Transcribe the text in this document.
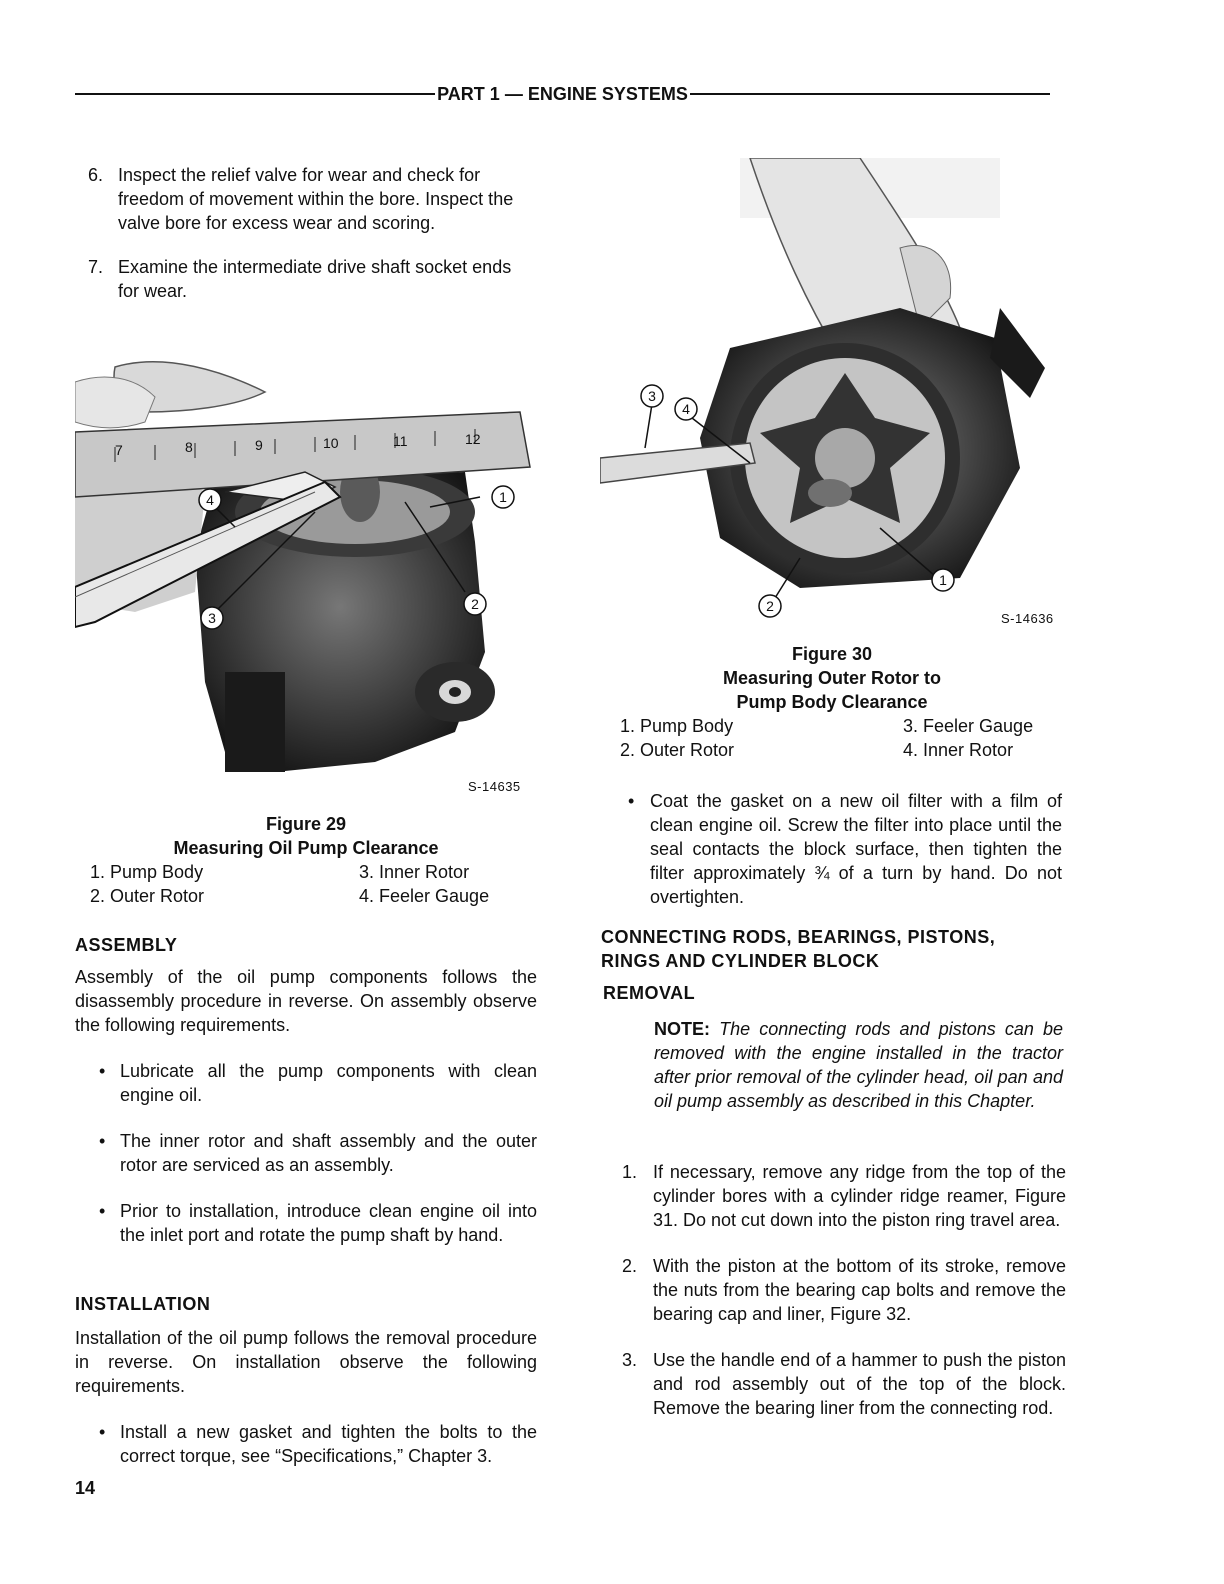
PART 1 — ENGINE SYSTEMS
6. Inspect the relief valve for wear and check for freedom of movement within the bore. Inspect the valve bore for excess wear and scoring.
7. Examine the intermediate drive shaft socket ends for wear.
7	8	9	10	11	12
4	1
2
3
S-14635
Figure 29
Measuring Oil Pump Clearance
1. Pump Body	3. Inner Rotor
2. Outer Rotor	4. Feeler Gauge

ASSEMBLY

Assembly of the oil pump components follows the disassembly procedure in reverse. On assembly observe the following requirements.

• Lubricate all the pump components with clean engine oil.
• The inner rotor and shaft assembly and the outer rotor are serviced as an assembly.
• Prior to installation, introduce clean engine oil into the inlet port and rotate the pump shaft by hand.

INSTALLATION

Installation of the oil pump follows the removal procedure in reverse. On installation observe the following requirements.

• Install a new gasket and tighten the bolts to the correct torque, see “Specifications,” Chapter 3.
14
3
4
1
2
S-14636
Figure 30
Measuring Outer Rotor to
Pump Body Clearance
1. Pump Body	3. Feeler Gauge
2. Outer Rotor	4. Inner Rotor
• Coat the gasket on a new oil filter with a film of clean engine oil. Screw the filter into place until the seal contacts the block surface, then tighten the filter approximately ¾ of a turn by hand. Do not overtighten.

CONNECTING RODS, BEARINGS, PISTONS,

RINGS AND CYLINDER BLOCK

REMOVAL

NOTE: The connecting rods and pistons can be removed with the engine installed in the tractor after prior removal of the cylinder head, oil pan and oil pump assembly as described in this Chapter.
1. If necessary, remove any ridge from the top of the cylinder bores with a cylinder ridge reamer, Figure 31. Do not cut down into the piston ring travel area.
2. With the piston at the bottom of its stroke, remove the nuts from the bearing cap bolts and remove the bearing cap and liner, Figure 32.
3. Use the handle end of a hammer to push the piston and rod assembly out of the top of the block. Remove the bearing liner from the connecting rod.
